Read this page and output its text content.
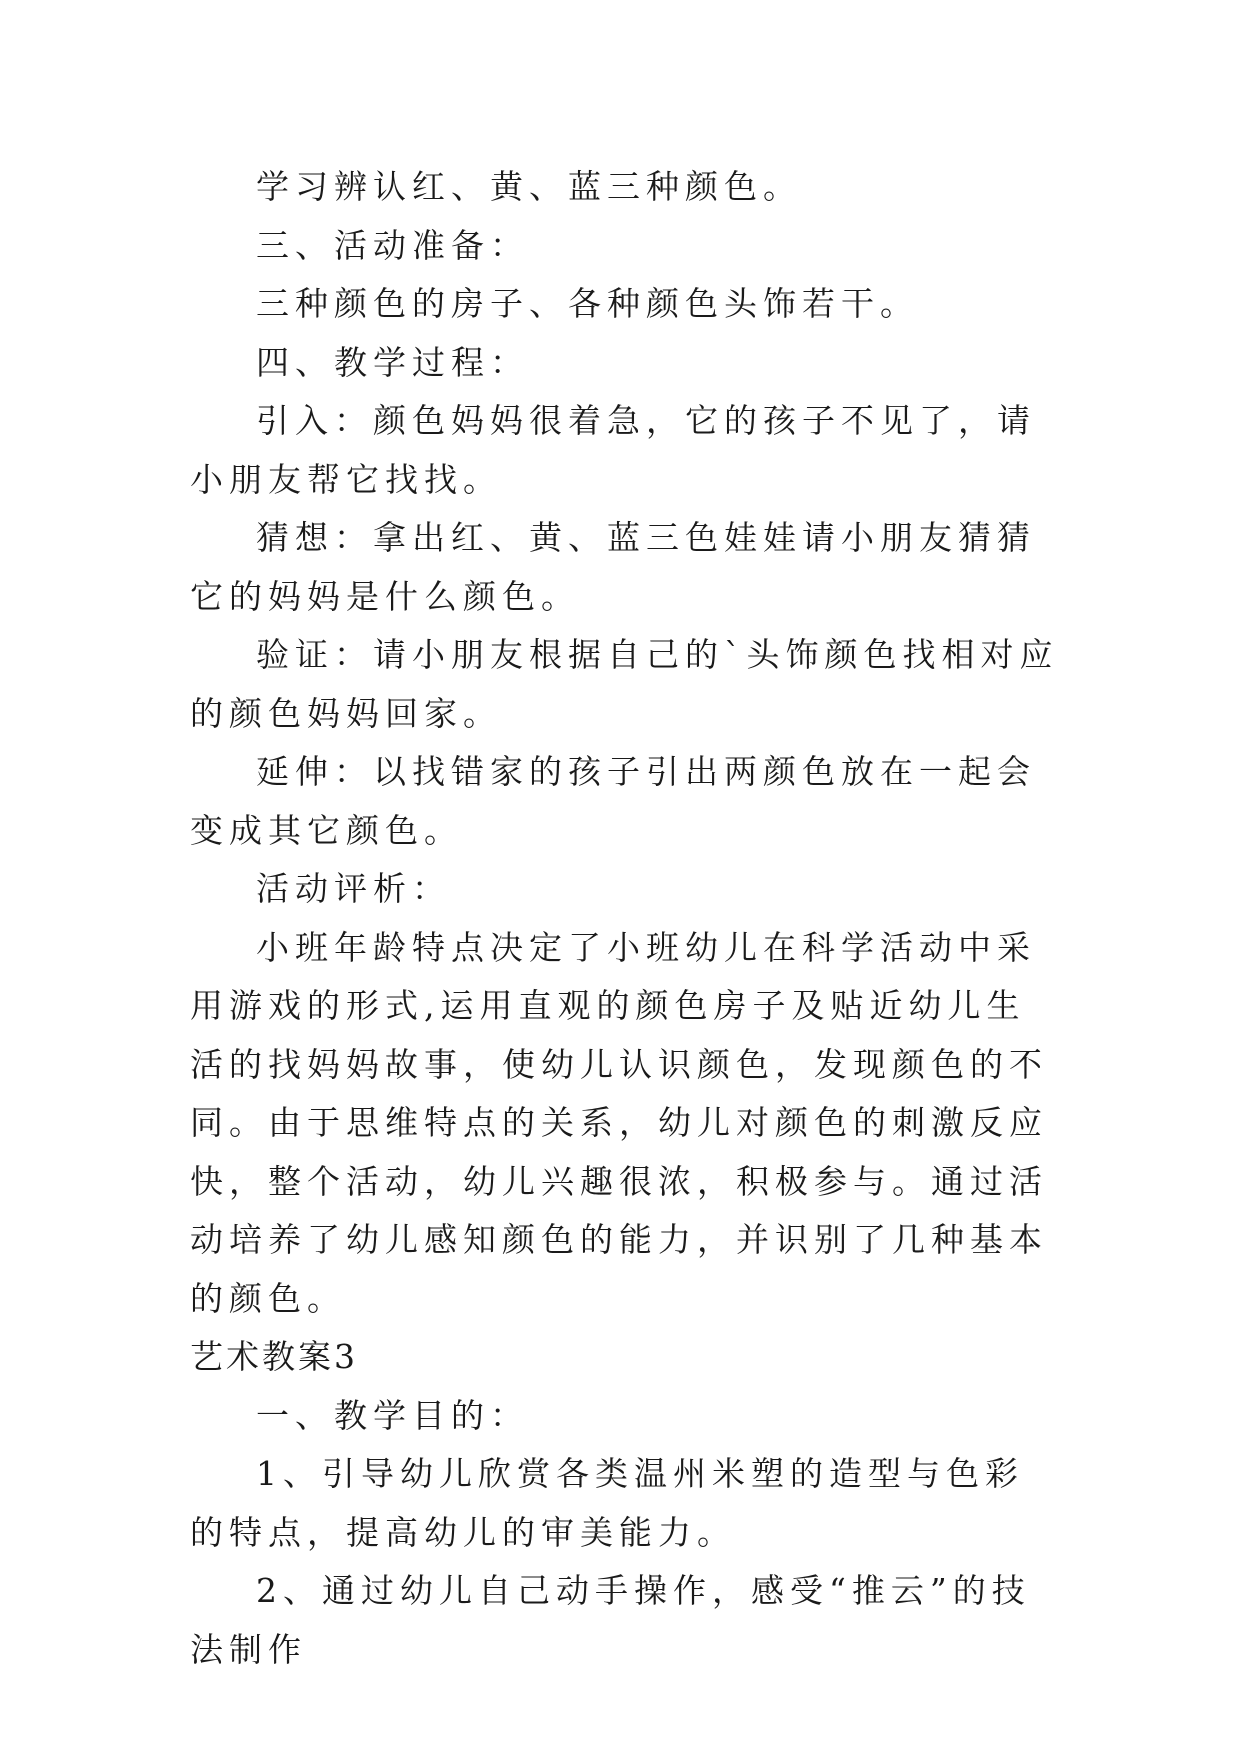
学习辨认红、黄、蓝三种颜色。

三、活动准备：

三种颜色的房子、各种颜色头饰若干。

四、教学过程：

引入：颜色妈妈很着急，它的孩子不见了，请小朋友帮它找找。

猜想：拿出红、黄、蓝三色娃娃请小朋友猜猜它的妈妈是什么颜色。

验证：请小朋友根据自己的`头饰颜色找相对应的颜色妈妈回家。

延伸：以找错家的孩子引出两颜色放在一起会变成其它颜色。

活动评析：

小班年龄特点决定了小班幼儿在科学活动中采用游戏的形式,运用直观的颜色房子及贴近幼儿生活的找妈妈故事，使幼儿认识颜色，发现颜色的不同。由于思维特点的关系，幼儿对颜色的刺激反应快，整个活动，幼儿兴趣很浓，积极参与。通过活动培养了幼儿感知颜色的能力，并识别了几种基本的颜色。

艺术教案3

一、教学目的：

1、引导幼儿欣赏各类温州米塑的造型与色彩的特点，提高幼儿的审美能力。

2、通过幼儿自己动手操作，感受“推云”的技法制作
